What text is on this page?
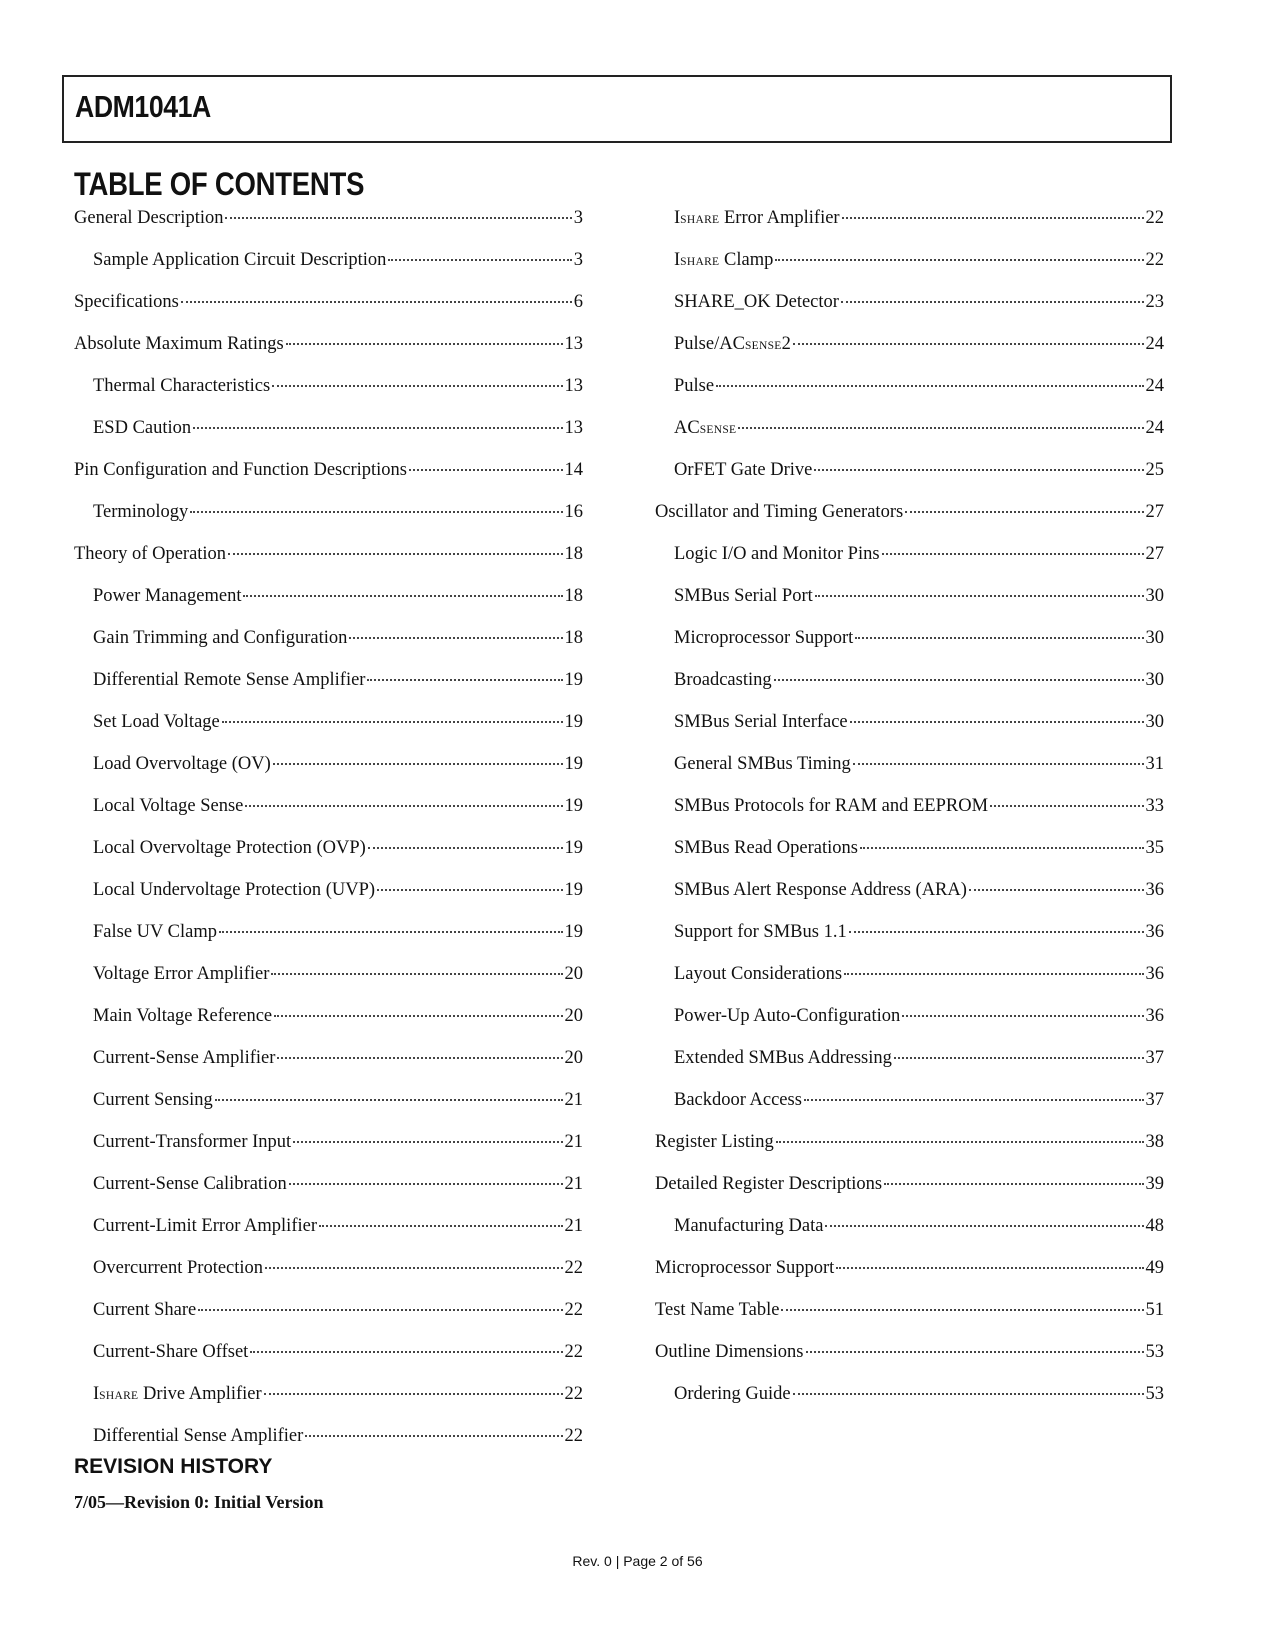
ADM1041A
TABLE OF CONTENTS
General Description	3
Sample Application Circuit Description	3
Specifications	6
Absolute Maximum Ratings	13
Thermal Characteristics	13
ESD Caution	13
Pin Configuration and Function Descriptions	14
Terminology	16
Theory of Operation	18
Power Management	18
Gain Trimming and Configuration	18
Differential Remote Sense Amplifier	19
Set Load Voltage	19
Load Overvoltage (OV)	19
Local Voltage Sense	19
Local Overvoltage Protection (OVP)	19
Local Undervoltage Protection (UVP)	19
False UV Clamp	19
Voltage Error Amplifier	20
Main Voltage Reference	20
Current-Sense Amplifier	20
Current Sensing	21
Current-Transformer Input	21
Current-Sense Calibration	21
Current-Limit Error Amplifier	21
Overcurrent Protection	22
Current Share	22
Current-Share Offset	22
ISHARE Drive Amplifier	22
Differential Sense Amplifier	22
ISHARE Error Amplifier	22
ISHARE Clamp	22
SHARE_OK Detector	23
Pulse/ACSENSE2	24
Pulse	24
ACSENSE	24
OrFET Gate Drive	25
Oscillator and Timing Generators	27
Logic I/O and Monitor Pins	27
SMBus Serial Port	30
Microprocessor Support	30
Broadcasting	30
SMBus Serial Interface	30
General SMBus Timing	31
SMBus Protocols for RAM and EEPROM	33
SMBus Read Operations	35
SMBus Alert Response Address (ARA)	36
Support for SMBus 1.1	36
Layout Considerations	36
Power-Up Auto-Configuration	36
Extended SMBus Addressing	37
Backdoor Access	37
Register Listing	38
Detailed Register Descriptions	39
Manufacturing Data	48
Microprocessor Support	49
Test Name Table	51
Outline Dimensions	53
Ordering Guide	53
REVISION HISTORY

7/05—Revision 0: Initial Version

Rev. 0 | Page 2 of 56
